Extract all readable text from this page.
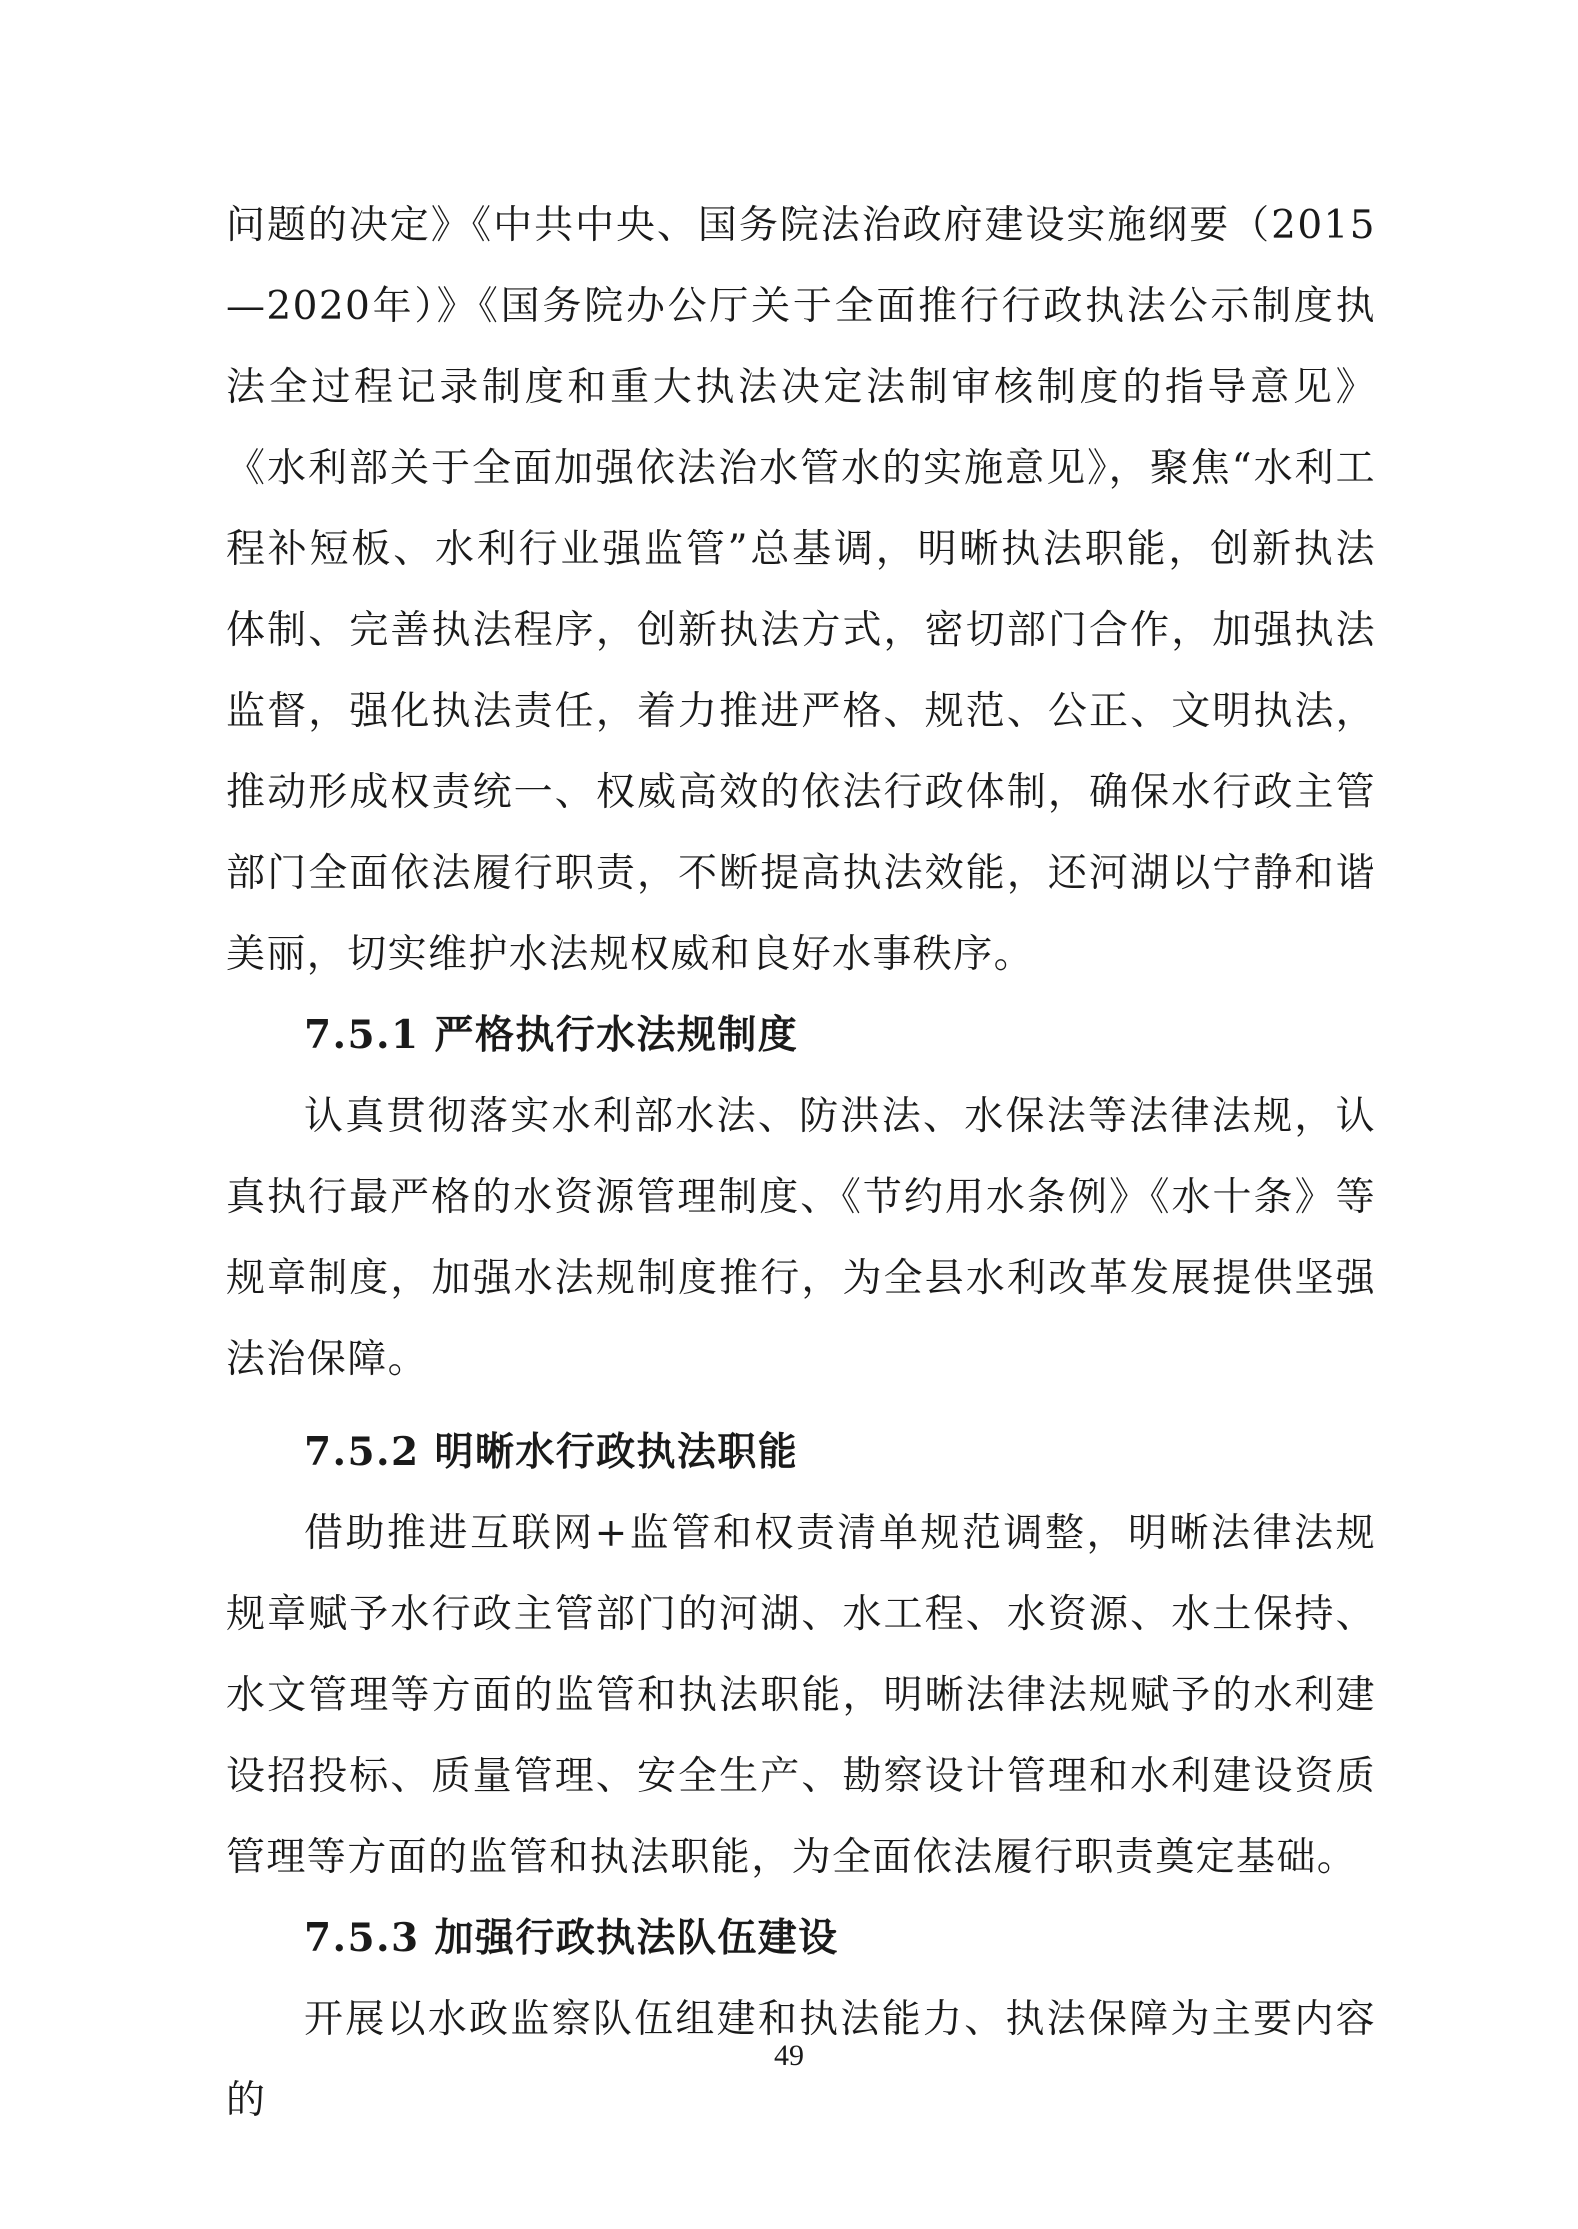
问题的决定》《中共中央、国务院法治政府建设实施纲要（2015—2020年）》《国务院办公厅关于全面推行行政执法公示制度执法全过程记录制度和重大执法决定法制审核制度的指导意见》《水利部关于全面加强依法治水管水的实施意见》，聚焦“水利工程补短板、水利行业强监管”总基调，明晰执法职能，创新执法体制、完善执法程序，创新执法方式，密切部门合作，加强执法监督，强化执法责任，着力推进严格、规范、公正、文明执法，推动形成权责统一、权威高效的依法行政体制，确保水行政主管部门全面依法履行职责，不断提高执法效能，还河湖以宁静和谐美丽，切实维护水法规权威和良好水事秩序。

7.5.1 严格执行水法规制度

认真贯彻落实水利部水法、防洪法、水保法等法律法规，认真执行最严格的水资源管理制度、《节约用水条例》《水十条》等规章制度，加强水法规制度推行，为全县水利改革发展提供坚强法治保障。

7.5.2 明晰水行政执法职能

借助推进互联网+监管和权责清单规范调整，明晰法律法规规章赋予水行政主管部门的河湖、水工程、水资源、水土保持、水文管理等方面的监管和执法职能，明晰法律法规赋予的水利建设招投标、质量管理、安全生产、勘察设计管理和水利建设资质管理等方面的监管和执法职能，为全面依法履行职责奠定基础。

7.5.3 加强行政执法队伍建设

开展以水政监察队伍组建和执法能力、执法保障为主要内容的

49
